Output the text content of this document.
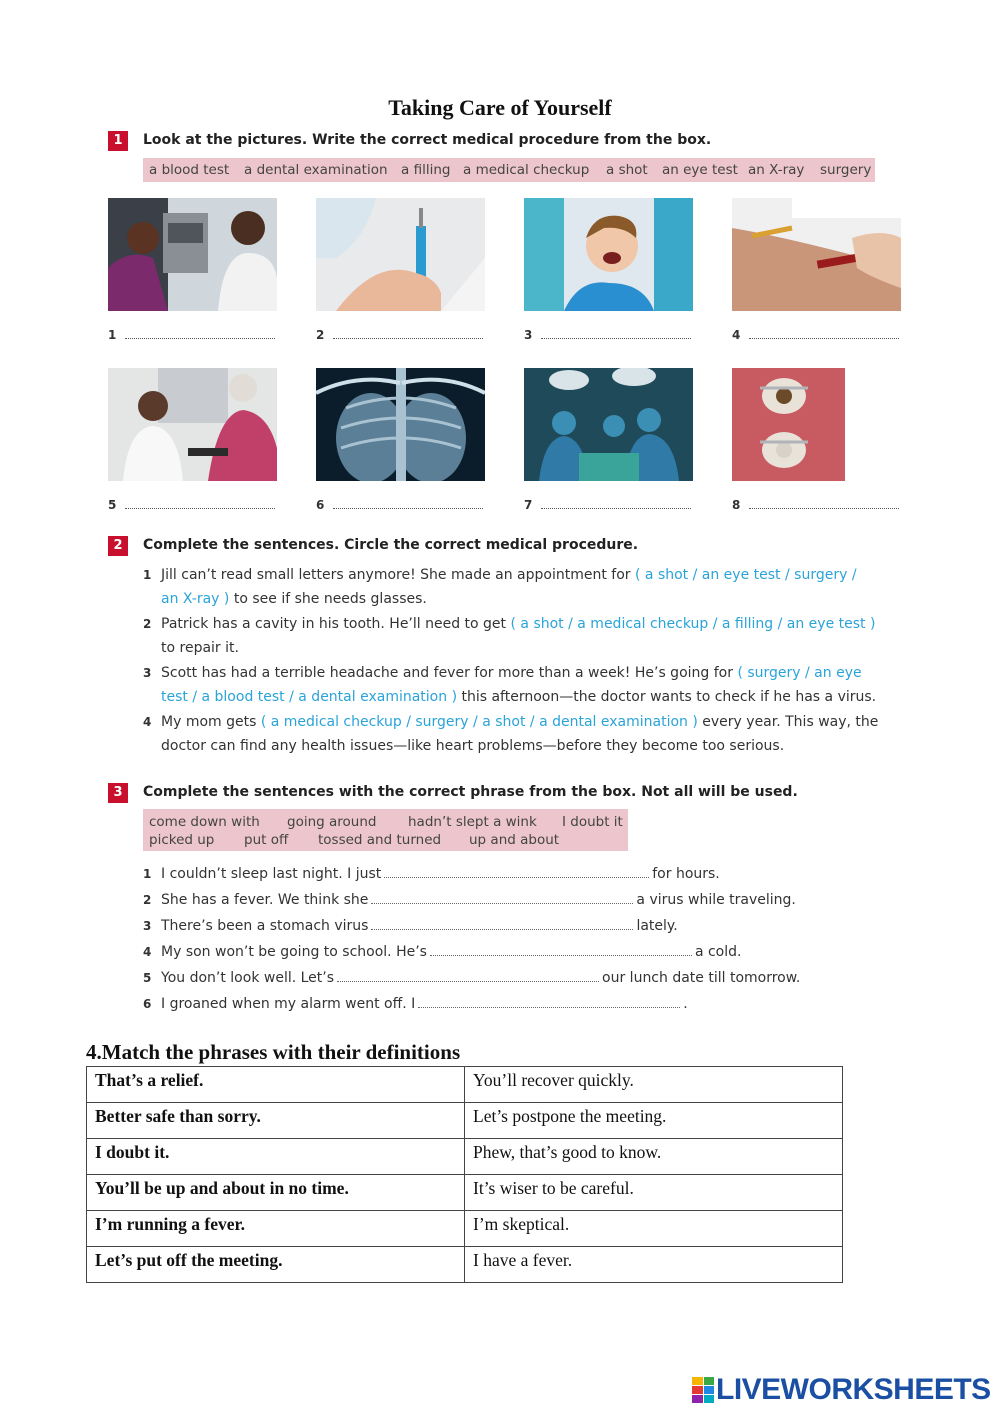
Taking Care of Yourself
1	Look at the pictures. Write the correct medical procedure from the box.
a blood test a dental examination a filling a medical checkup a shot an eye test an X-ray surgery
1	2	3	4
5	6	7	8
2	Complete the sentences. Circle the correct medical procedure.
1 Jill can’t read small letters anymore! She made an appointment for ( a shot / an eye test / surgery /
an X-ray ) to see if she needs glasses.
2 Patrick has a cavity in his tooth. He’ll need to get ( a shot / a medical checkup / a filling / an eye test )
to repair it.
3 Scott has had a terrible headache and fever for more than a week! He’s going for ( surgery / an eye
test / a blood test / a dental examination ) this afternoon—the doctor wants to check if he has a virus.
4 My mom gets ( a medical checkup / surgery / a shot / a dental examination ) every year. This way, the
doctor can find any health issues—like heart problems—before they become too serious.
3	Complete the sentences with the correct phrase from the box. Not all will be used.
come down with going around hadn’t slept a wink I doubt it
picked up put off tossed and turned up and about
1 I couldn’t sleep last night. I just	for hours.
2 She has a fever. We think she	a virus while traveling.
3 There’s been a stomach virus	lately.
4 My son won’t be going to school. He’s	a cold.
5 You don’t look well. Let’s	our lunch date till tomorrow.
6 I groaned when my alarm went off. I	.
4.Match the phrases with their definitions
That’s a relief.	You’ll recover quickly.
Better safe than sorry.	Let’s postpone the meeting.
I doubt it.	Phew, that’s good to know.
You’ll be up and about in no time.	It’s wiser to be careful.
I’m running a fever.	I’m skeptical.
Let’s put off the meeting.	I have a fever.
LIVEWORKSHEETS
